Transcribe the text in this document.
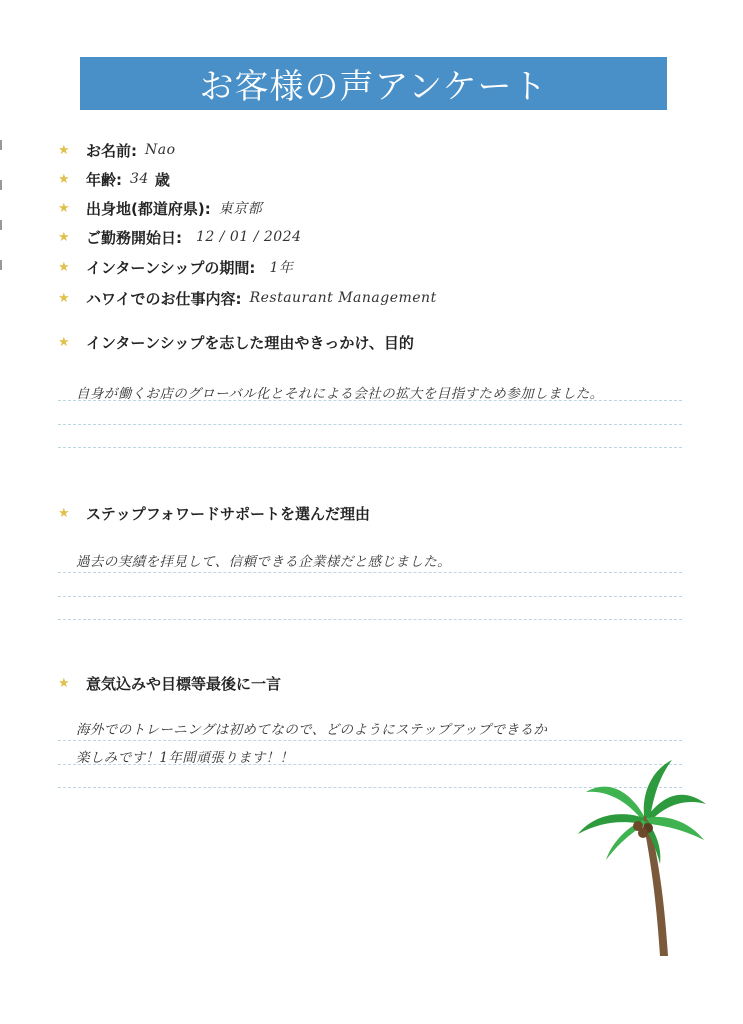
お客様の声アンケート
★	お名前: Nao
★	年齢: 34 歳
★	出身地(都道府県): 東京都
★	ご勤務開始日: 12 / 01 / 2024
★	インターンシップの期間: 1年
★	ハワイでのお仕事内容: Restaurant Management
★	インターンシップを志した理由やきっかけ、目的
自身が働くお店のグローバル化とそれによる会社の拡大を目指すため参加しました。
★	ステップフォワードサポートを選んだ理由
過去の実績を拝見して、信頼できる企業様だと感じました。
★	意気込みや目標等最後に一言
海外でのトレーニングは初めてなので、どのようにステップアップできるか
楽しみです！1年間頑張ります！！
